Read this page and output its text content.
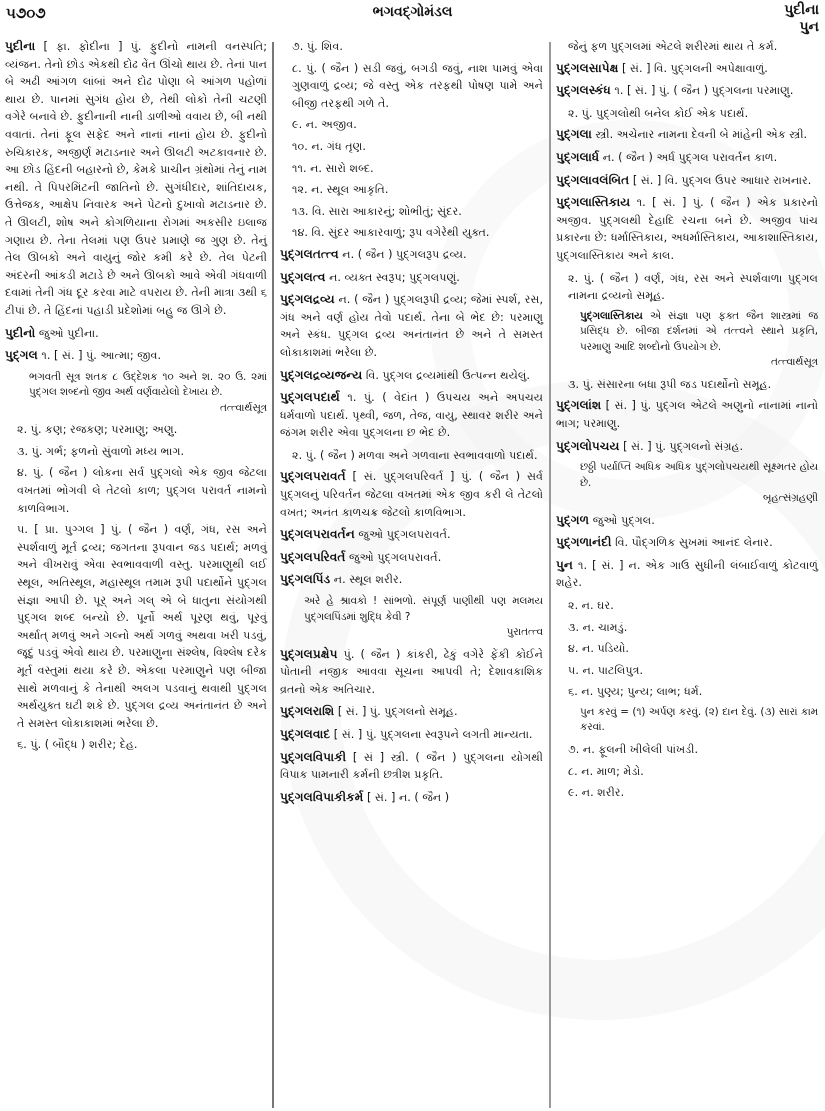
૫૭૦૭	ભગવદ્ગોમંડલ	પુદીના
પુન

પુદીના [ ફા. ફોદીના ] પું. ફુદીનો નામની વનસ્પતિ; વ્યંજન. તેનો છોડ એકથી દોઢ વેંત ઊંચો થાય છે. તેનાં પાન બે અઢી આંગળ લાંબાં અને દોઢ પોણા બે આંગળ પહોળાં થાય છે. પાનમાં સુગંધ હોય છે, તેથી લોકો તેની ચટણી વગેરે બનાવે છે. ફુદીનાની નાની ડાળીઓ વવાય છે, બી નથી વવાતાં. તેનાં ફૂલ સફેદ અને નાનાં નાનાં હોય છે. ફુદીનો રુચિકારક, અજીર્ણ મટાડનાર અને ઊલટી અટકાવનાર છે. આ છોડ હિંદની બહારનો છે, કેમકે પ્રાચીન ગ્રંથોમાં તેનું નામ નથી. તે પિપરમિંટની જાતિનો છે. સુગંધીદાર, શાંતિદાયક, ઉત્તેજક, આક્ષેપ નિવારક અને પેટનો દુખાવો મટાડનાર છે. તે ઊલટી, શોષ અને કોગળિયાના રોગમાં અકસીર ઇલાજ ગણાય છે. તેના તેલમાં પણ ઉપર પ્રમાણે જ ગુણ છે. તેનું તેલ ઊબકો અને વાયુનું જોર કમી કરે છે. તેલ પેટની અંદરની આંકડી મટાડે છે અને ઊબકો આવે એવી ગંધવાળી દવામાં તેની ગંધ દૂર કરવા માટે વપરાય છે. તેની માત્રા ૩થી ૬ ટીપાં છે. તે હિંદનાં પહાડી પ્રદેશોમાં બહુ જ ઊગે છે.

પુદીનો જુઓ પુદીના.

પુદ્ગલ ૧. [ સં. ] પું. આત્મા; જીવ.

ભગવતી સૂત્ર શતક ૮ ઉદ્દેશક ૧૦ અને શ. ૨૦ ઉ. ૨માં પુદ્ગલ શબ્દનો જીવ અર્થ વર્ણવાયેલો દેખાય છે.
તત્ત્વાર્થસૂત્ર

૨. પું. કણ; રજકણ; પરમાણુ; અણુ.

૩. પું. ગર્ભ; ફળનો સુંવાળો મધ્ય ભાગ.

૪. પું. ( જૈન ) લોકના સર્વ પુદ્ગલો એક જીવ જેટલા વખતમાં ભોગવી લે તેટલો કાળ; પુદ્ગલ પરાવર્ત નામનો કાળવિભાગ.

૫. [ પ્રા. પુગ્ગલ ] પું. ( જૈન ) વર્ણ, ગંધ, રસ અને સ્પર્શવાળું મૂર્ત દ્રવ્ય; જગતના રૂપવાન જડ પદાર્થ; મળવું અને વીખરાવું એવા સ્વભાવવાળી વસ્તુ. પરમાણુથી લઈ સ્થૂલ, અતિસ્થૂલ, મહાસ્થૂલ તમામ રૂપી પદાર્થોને પુદ્ગલ સંજ્ઞા આપી છે. પૂર્ અને ગલ્ એ બે ધાતુના સંયોગથી પુદ્ગલ શબ્દ બન્યો છે. પૂર્નો અર્થ પૂરણ થવું, પૂરવું અર્થાત્ મળવું અને ગલ્નો અર્થ ગળવું અથવા ખરી પડવું, જૂદું પડવું એવો થાય છે. પરમાણુના સંશ્લેષ, વિશ્લેષ દરેક મૂર્ત વસ્તુમાં થયા કરે છે. એકલા પરમાણુને પણ બીજા સાથે મળવાનું કે તેનાથી અલગ પડવાનું થવાથી પુદ્ગલ અર્થયુક્ત ઘટી શકે છે. પુદ્ગલ દ્રવ્ય અનંતાનંત છે અને તે સમસ્ત લોકાકાશમાં ભરેલા છે.

૬. પું. ( બૌદ્ધ ) શરીર; દેહ.

૭. પું. શિવ.

૮. પું. ( જૈન ) સડી જવું, બગડી જવું, નાશ પામવું એવા ગુણવાળું દ્રવ્ય; જે વસ્તુ એક તરફથી પોષણ પામે અને બીજી તરફથી ગળે તે.

૯. ન. અજીવ.

૧૦. ન. ગંધ તૃણ.

૧૧. ન. સારો શબ્દ.

૧૨. ન. સ્થૂલ આકૃતિ.

૧૩. વિ. સારા આકારનું; શોભીતું; સુંદર.

૧૪. વિ. સુંદર આકારવાળું; રૂપ વગેરેથી યુક્ત.

પુદ્ગલતત્ત્વ ન. ( જૈન ) પુદ્ગલરૂપ દ્રવ્ય.

પુદ્ગલત્વ ન. વ્યક્ત સ્વરૂપ; પુદ્ગલપણું.

પુદ્ગલદ્રવ્ય ન. ( જૈન ) પુદ્ગલરૂપી દ્રવ્ય; જેમાં સ્પર્શ, રસ, ગંધ અને વર્ણ હોય તેવો પદાર્થ. તેના બે ભેદ છે: પરમાણુ અને સ્કંધ. પુદ્ગલ દ્રવ્ય અનંતાનંત છે અને તે સમસ્ત લોકાકાશમાં ભરેલા છે.

પુદ્ગલદ્રવ્યજન્ય વિ. પુદ્ગલ દ્રવ્યમાંથી ઉત્પન્ન થયેલું.

પુદ્ગલપદાર્થ ૧. પું. ( વેદાંત ) ઉપચય અને અપચય ધર્મવાળો પદાર્થ. પૃથ્વી, જળ, તેજ, વાયુ, સ્થાવર શરીર અને જંગમ શરીર એવા પુદ્ગલના છ ભેદ છે.

૨. પું. ( જૈન ) મળવા અને ગળવાના સ્વભાવવાળો પદાર્થ.

પુદ્ગલપરાવર્ત [ સં. પુદ્ગલપરિવર્ત ] પું. ( જૈન ) સર્વ પુદ્ગલનું પરિવર્તન જેટલા વખતમાં એક જીવ કરી લે તેટલો વખત; અનંત કાળચક્ર જેટલો કાળવિભાગ.

પુદ્ગલપરાવર્તન જુઓ પુદ્ગલપરાવર્ત.

પુદ્ગલપરિવર્ત જુઓ પુદ્ગલપરાવર્ત.

પુદ્ગલપિંડ ન. સ્થૂલ શરીર.

અરે હે શ્રાવકો ! સાંભળો. સંપૂર્ણ પાણીથી પણ મલમય પુદ્ગલપિંડમાં શુદ્ધિ કેવી ?
પુરાતત્ત્વ

પુદ્ગલપ્રક્ષેપ પું. ( જૈન ) કાંકરી, ઢેકું વગેરે ફેંકી કોઈને પોતાની નજીક આવવા સૂચના આપવી તે; દેશાવકાશિક વ્રતનો એક અતિચાર.

પુદ્ગલરાશિ [ સં. ] પું. પુદ્ગલનો સમૂહ.

પુદ્ગલવાદ [ સં. ] પું. પુદ્ગલના સ્વરૂપને લગતી માન્યતા.

પુદ્ગલવિપાકી [ સં ] સ્ત્રી. ( જૈન ) પુદ્ગલના યોગથી વિપાક પામનારી કર્મની છત્રીશ પ્રકૃતિ.

પુદ્ગલવિપાકીકર્મ [ સં. ] ન. ( જૈન )

જેનું ફળ પુદ્ગલમાં એટલે શરીરમાં થાય તે કર્મ.

પુદ્ગલસાપેક્ષ [ સં. ] વિ. પુદ્ગલની અપેક્ષાવાળું.

પુદ્ગલસ્કંધ ૧. [ સં. ] પું. ( જૈન ) પુદ્ગલના પરમાણુ.

૨. પું. પુદ્ગલોથી બનેલ કોઈ એક પદાર્થ.

પુદ્ગલા સ્ત્રી. અચેનાર નામના દેવની બે માંહેની એક સ્ત્રી.

પુદ્ગલાર્ધ ન. ( જૈન ) અર્ધ પુદ્ગલ પરાવર્તન કાળ.

પુદ્ગલાવલંબિત [ સં. ] વિ. પુદ્ગલ ઉપર આધાર રાખનાર.

પુદ્ગલાસ્તિકાય ૧. [ સં. ] પું. ( જૈન ) એક પ્રકારનો અજીવ. પુદ્ગલથી દેહાદિ રચના બને છે. અજીવ પાંચ પ્રકારના છે: ધર્માસ્તિકાય, અધર્માસ્તિકાય, આકાશાસ્તિકાય, પુદ્ગલાસ્તિકાય અને કાલ.

૨. પું. ( જૈન ) વર્ણ, ગંધ, રસ અને સ્પર્શવાળા પુદ્ગલ નામના દ્રવ્યનો સમૂહ.

પુદ્ગલાસ્તિકાય એ સંજ્ઞા પણ ફક્ત જૈન શાસ્ત્રમાં જ પ્રસિદ્ધ છે. બીજા દર્શનમાં એ તત્ત્વને સ્થાને પ્રકૃતિ, પરમાણુ આદિ શબ્દોનો ઉપયોગ છે.
તત્ત્વાર્થસૂત્ર

૩. પું. સંસારના બધા રૂપી જડ પદાર્થોનો સમૂહ.

પુદ્ગલાંશ [ સં. ] પું. પુદ્ગલ એટલે અણુનો નાનામાં નાનો ભાગ; પરમાણુ.

પુદ્ગલોપચય [ સં. ] પું. પુદ્ગલનો સંગ્રહ.

છઠ્ઠી પર્યાપ્તિ અધિક અધિક પુદ્ગલોપચયથી સૂક્ષ્મતર હોય છે.
બૃહત્સંગ્રહણી

પુદ્ગળ જુઓ પુદ્ગલ.

પુદ્ગળાનંદી વિ. પૌદ્ગળિક સુખમાં આનંદ લેનાર.

પુન ૧. [ સં. ] ન. એક ગાઉ સુધીની લંબાઈવાળું કોટવાળું શહેર.

૨. ન. ઘર.

૩. ન. ચામડું.

૪. ન. પડિયો.

૫. ન. પાટલિપુત્ર.

૬. ન. પુણ્ય; પુન્ય; લાભ; ધર્મ.

પુન કરવું = (૧) અર્પણ કરવું. (૨) દાન દેવું. (૩) સારાં કામ કરવાં.

૭. ન. ફૂલની ખીલેલી પાંખડી.

૮. ન. માળ; મેડો.

૯. ન. શરીર.
